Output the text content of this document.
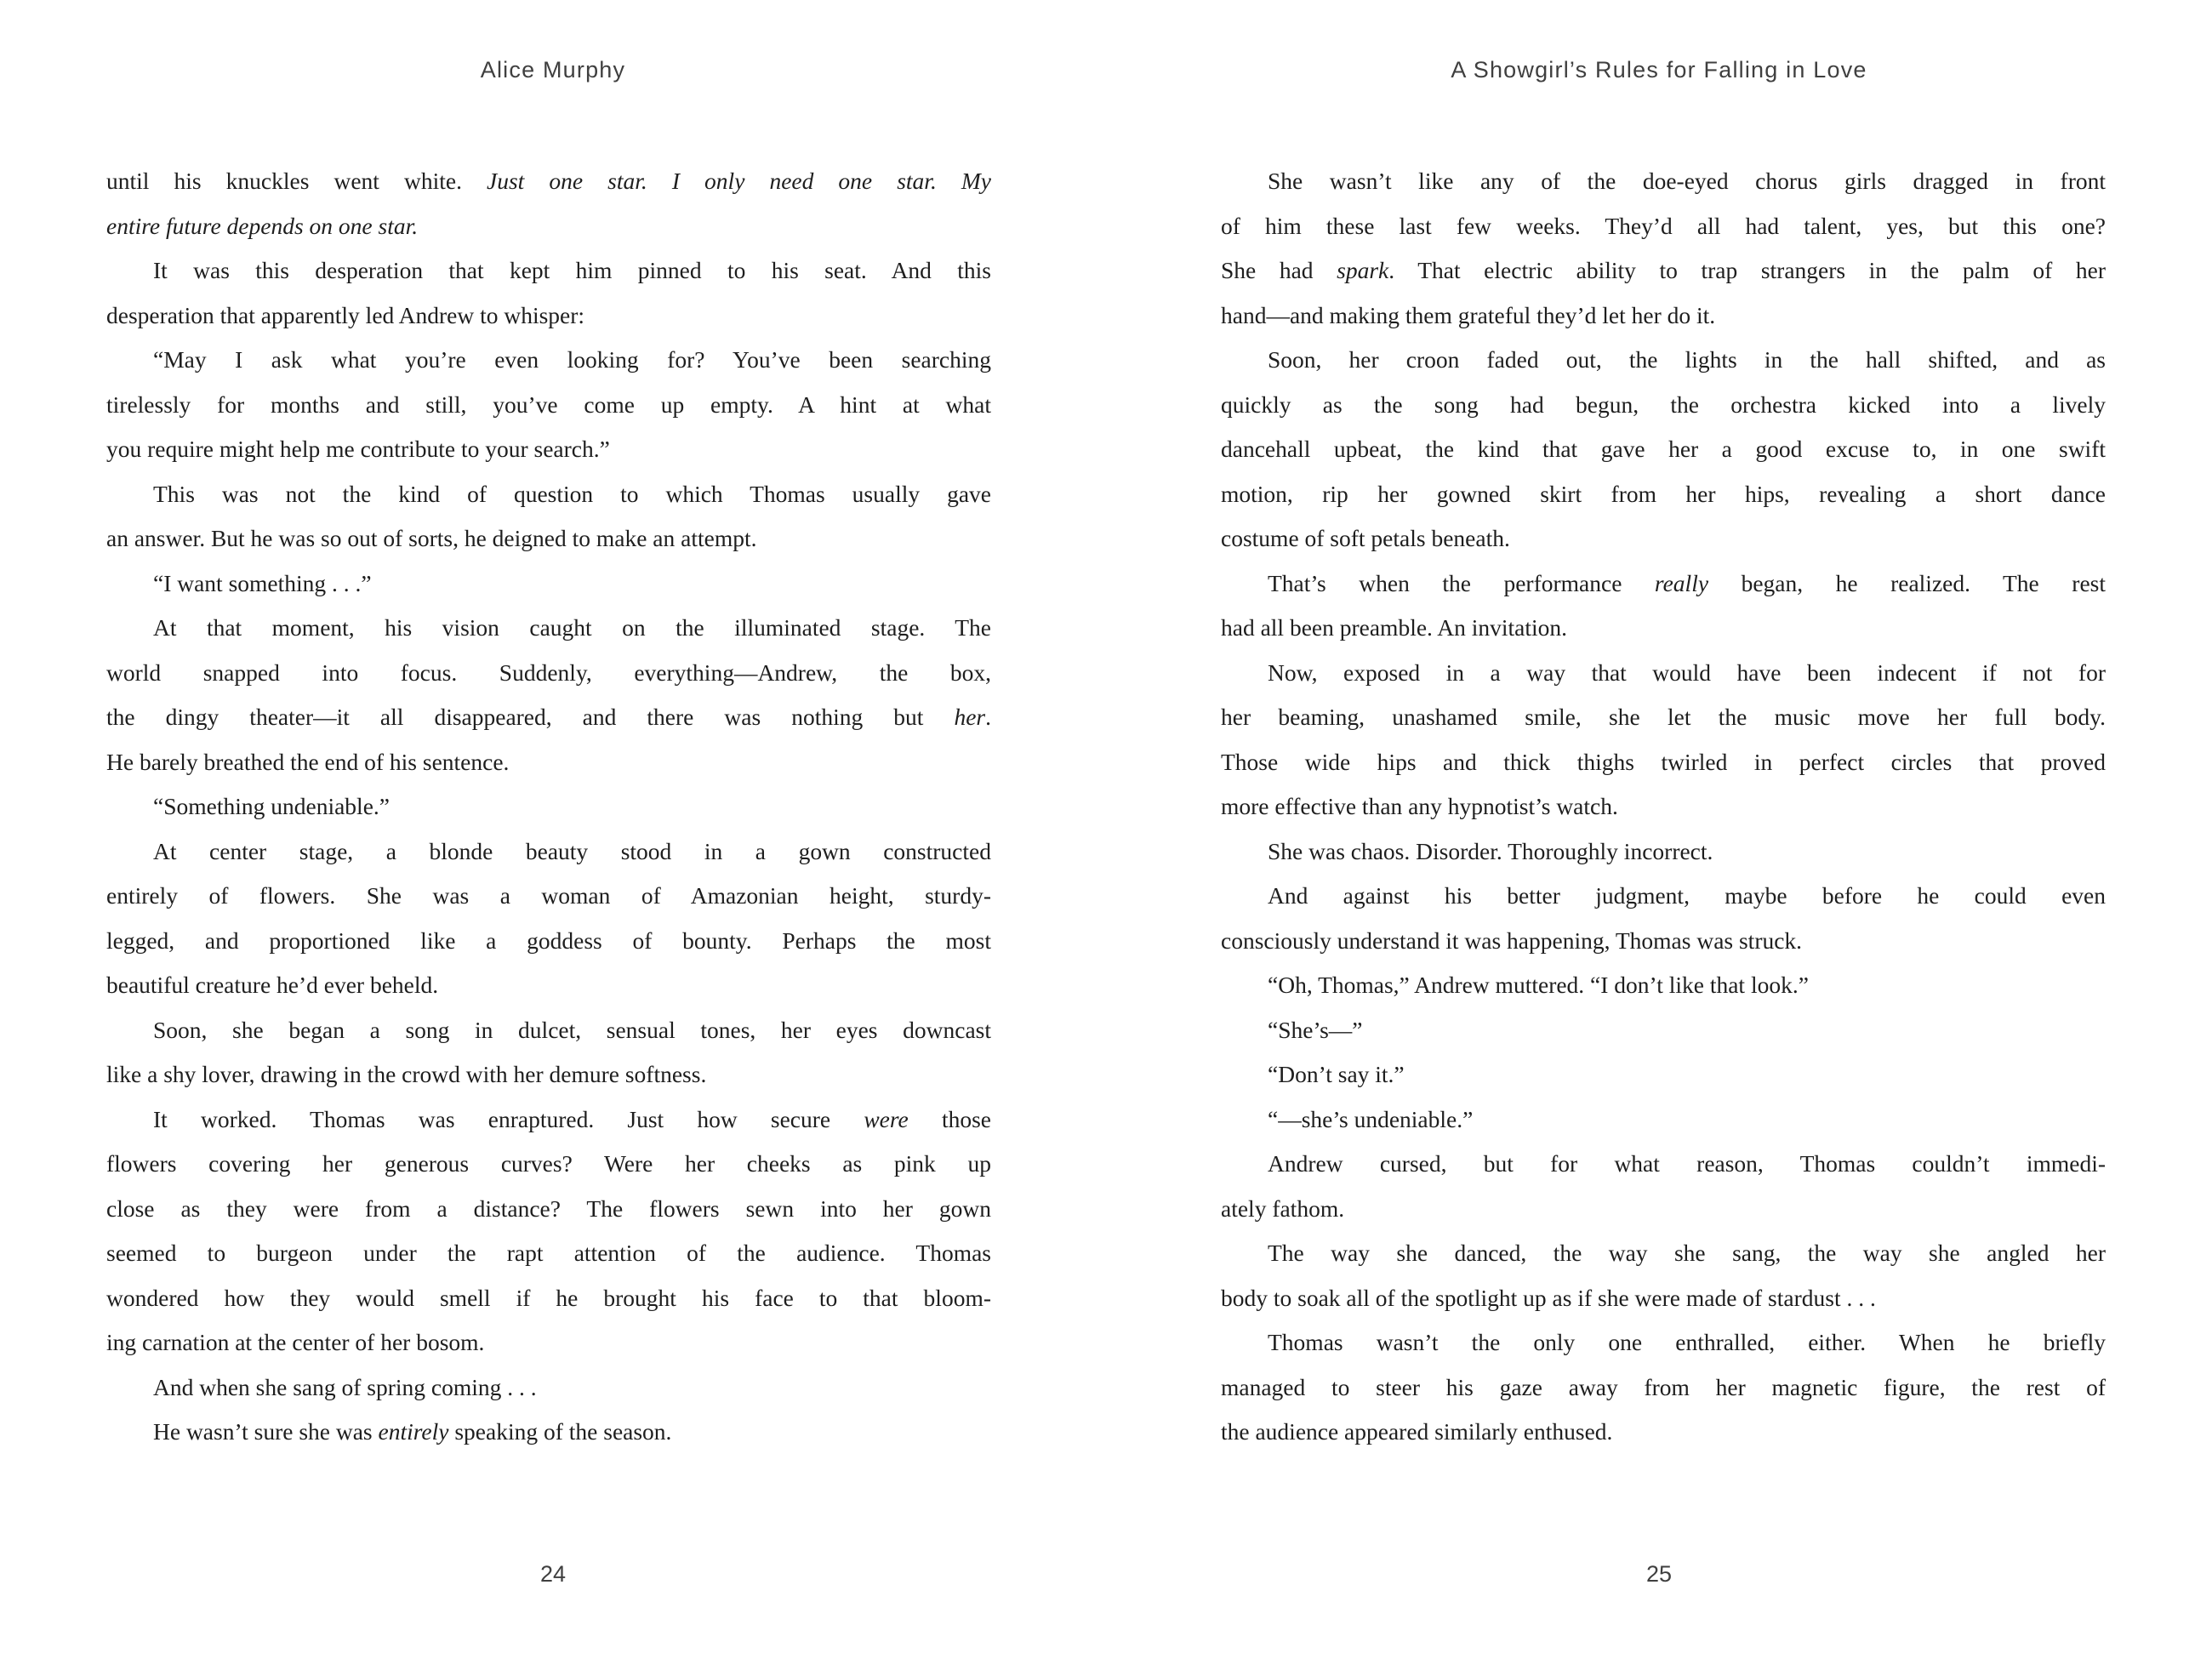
Alice Murphy
until his knuckles went white. Just one star. I only need one star. My
entire future depends on one star.
It was this desperation that kept him pinned to his seat. And this
desperation that apparently led Andrew to whisper:
“May I ask what you’re even looking for? You’ve been searching
tirelessly for months and still, you’ve come up empty. A hint at what
you require might help me contribute to your search.”
This was not the kind of question to which Thomas usually gave
an answer. But he was so out of sorts, he deigned to make an attempt.
“I want something . . .”
At that moment, his vision caught on the illuminated stage. The
world snapped into focus. Suddenly, everything—Andrew, the box,
the dingy theater—it all disappeared, and there was nothing but her.
He barely breathed the end of his sentence.
“Something undeniable.”
At center stage, a blonde beauty stood in a gown constructed
entirely of flowers. She was a woman of Amazonian height, sturdy-
legged, and proportioned like a goddess of bounty. Perhaps the most
beautiful creature he’d ever beheld.
Soon, she began a song in dulcet, sensual tones, her eyes downcast
like a shy lover, drawing in the crowd with her demure softness.
It worked. Thomas was enraptured. Just how secure were those
flowers covering her generous curves? Were her cheeks as pink up
close as they were from a distance? The flowers sewn into her gown
seemed to burgeon under the rapt attention of the audience. Thomas
wondered how they would smell if he brought his face to that bloom-
ing carnation at the center of her bosom.
And when she sang of spring coming . . .
He wasn’t sure she was entirely speaking of the season.
24
A Showgirl’s Rules for Falling in Love
She wasn’t like any of the doe-eyed chorus girls dragged in front
of him these last few weeks. They’d all had talent, yes, but this one?
She had spark. That electric ability to trap strangers in the palm of her
hand—and making them grateful they’d let her do it.
Soon, her croon faded out, the lights in the hall shifted, and as
quickly as the song had begun, the orchestra kicked into a lively
dancehall upbeat, the kind that gave her a good excuse to, in one swift
motion, rip her gowned skirt from her hips, revealing a short dance
costume of soft petals beneath.
That’s when the performance really began, he realized. The rest
had all been preamble. An invitation.
Now, exposed in a way that would have been indecent if not for
her beaming, unashamed smile, she let the music move her full body.
Those wide hips and thick thighs twirled in perfect circles that proved
more effective than any hypnotist’s watch.
She was chaos. Disorder. Thoroughly incorrect.
And against his better judgment, maybe before he could even
consciously understand it was happening, Thomas was struck.
“Oh, Thomas,” Andrew muttered. “I don’t like that look.”
“She’s—”
“Don’t say it.”
“—she’s undeniable.”
Andrew cursed, but for what reason, Thomas couldn’t immedi-
ately fathom.
The way she danced, the way she sang, the way she angled her
body to soak all of the spotlight up as if she were made of stardust . . .
Thomas wasn’t the only one enthralled, either. When he briefly
managed to steer his gaze away from her magnetic figure, the rest of
the audience appeared similarly enthused.
25
